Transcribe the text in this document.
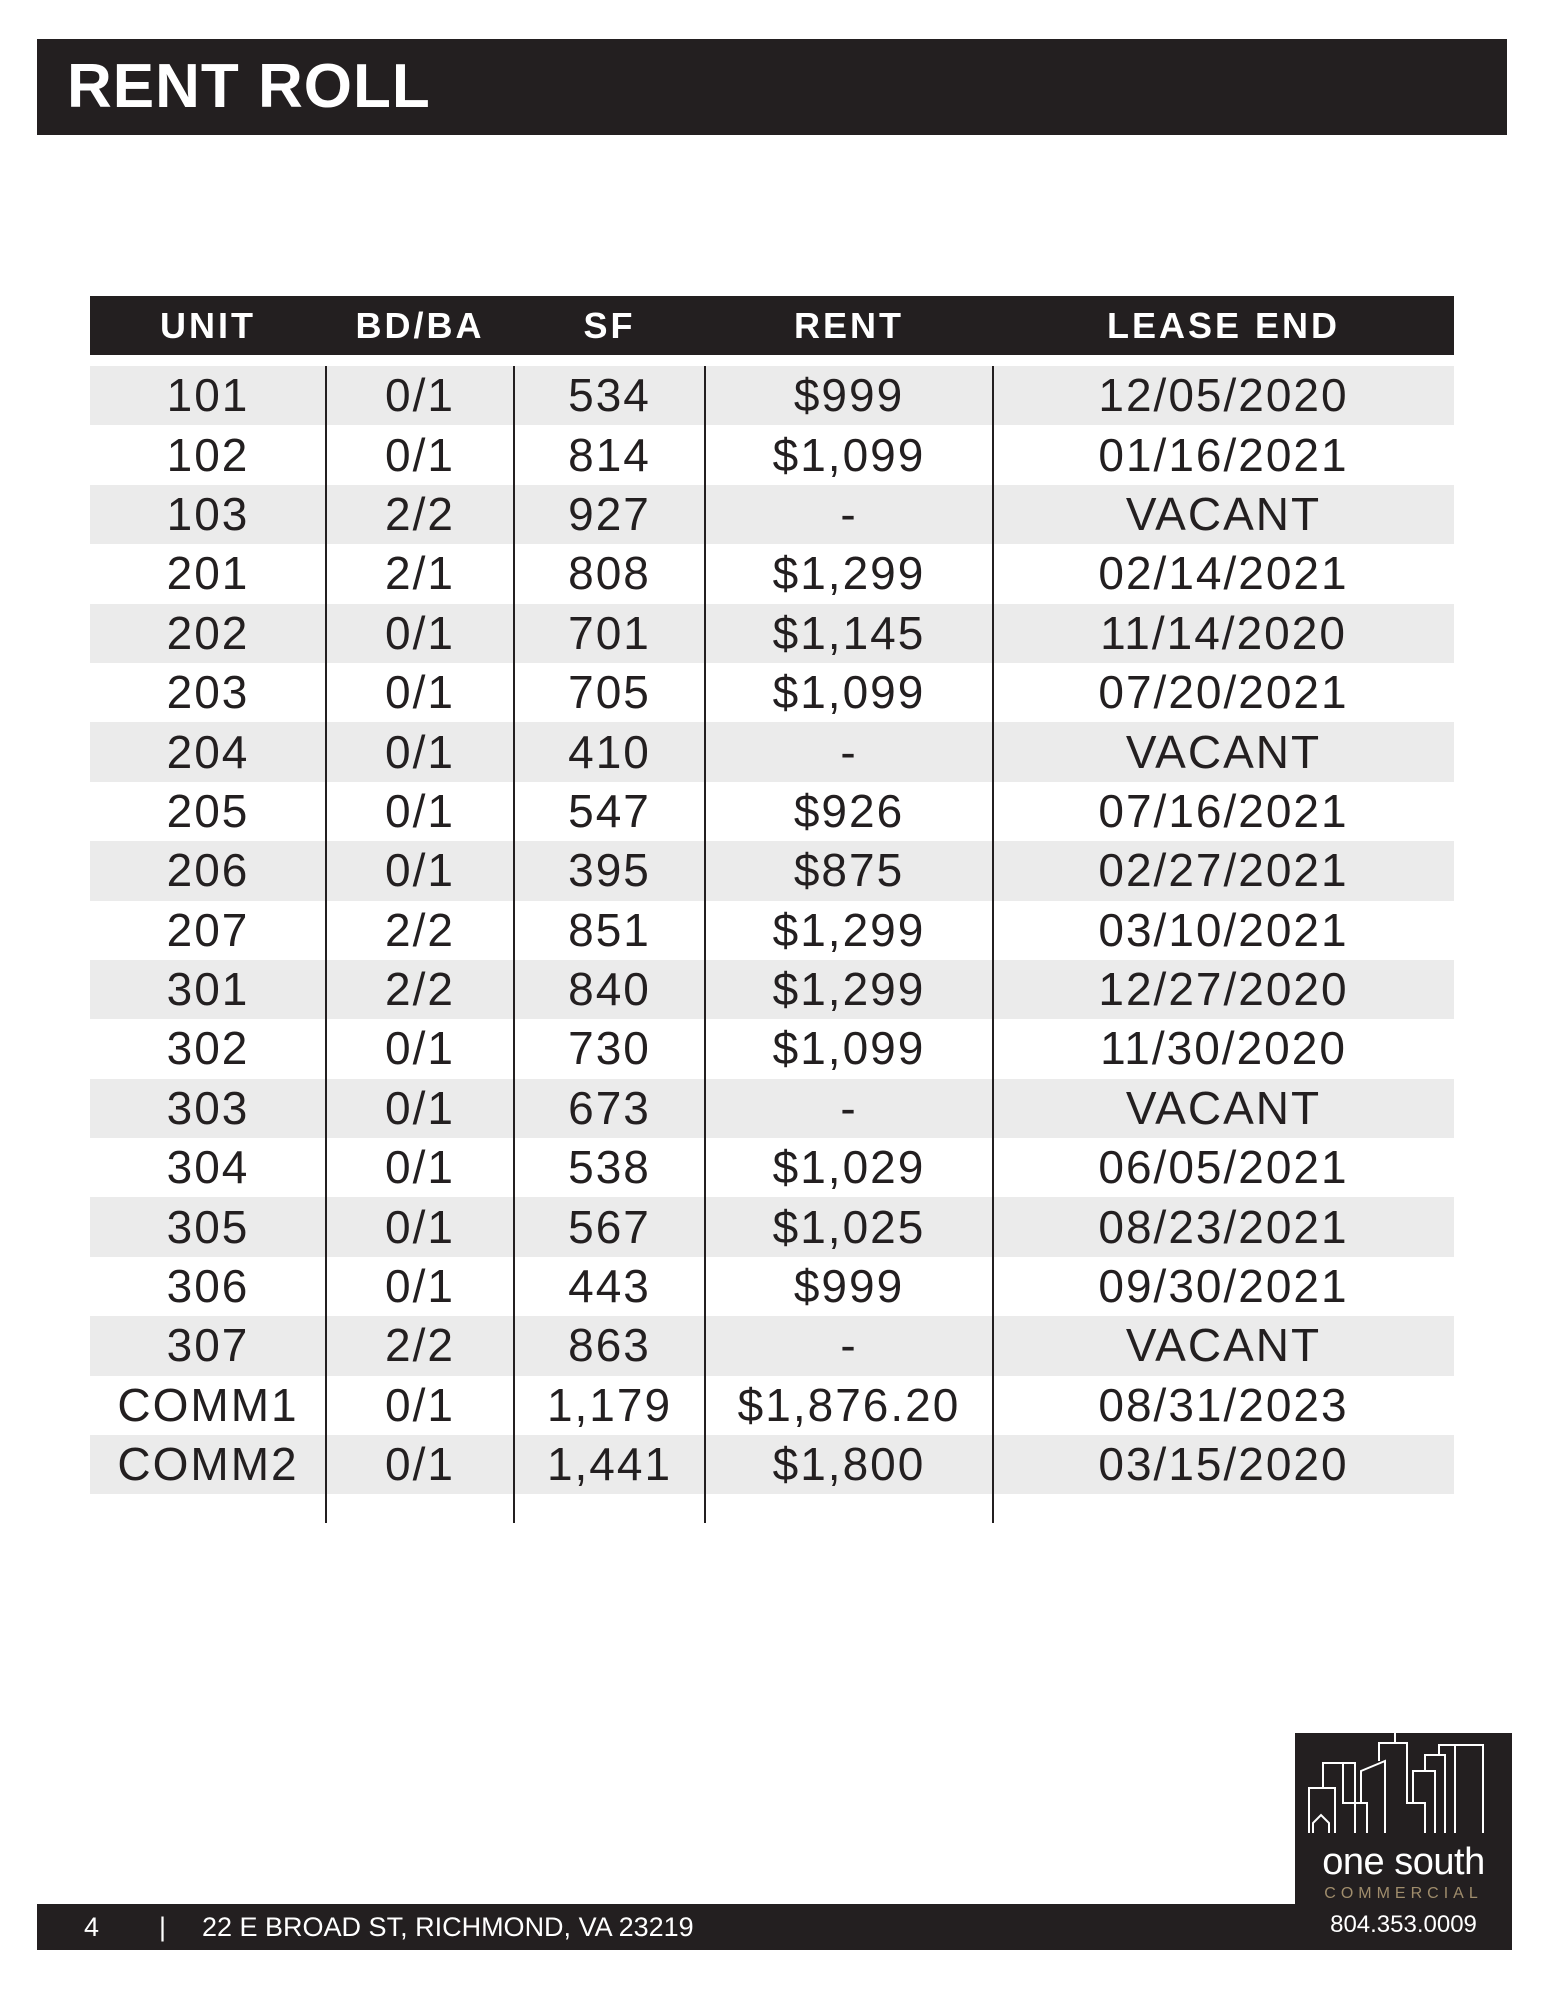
RENT ROLL
UNIT	BD/BA	SF	RENT	LEASE END
101	0/1	534	$999	12/05/2020
102	0/1	814	$1,099	01/16/2021
103	2/2	927	-	VACANT
201	2/1	808	$1,299	02/14/2021
202	0/1	701	$1,145	11/14/2020
203	0/1	705	$1,099	07/20/2021
204	0/1	410	-	VACANT
205	0/1	547	$926	07/16/2021
206	0/1	395	$875	02/27/2021
207	2/2	851	$1,299	03/10/2021
301	2/2	840	$1,299	12/27/2020
302	0/1	730	$1,099	11/30/2020
303	0/1	673	-	VACANT
304	0/1	538	$1,029	06/05/2021
305	0/1	567	$1,025	08/23/2021
306	0/1	443	$999	09/30/2021
307	2/2	863	-	VACANT
COMM1	0/1	1,179	$1,876.20	08/31/2023
COMM2	0/1	1,441	$1,800	03/15/2020
one south
COMMERCIAL
804.353.0009
4 | 22 E BROAD ST, RICHMOND, VA 23219
